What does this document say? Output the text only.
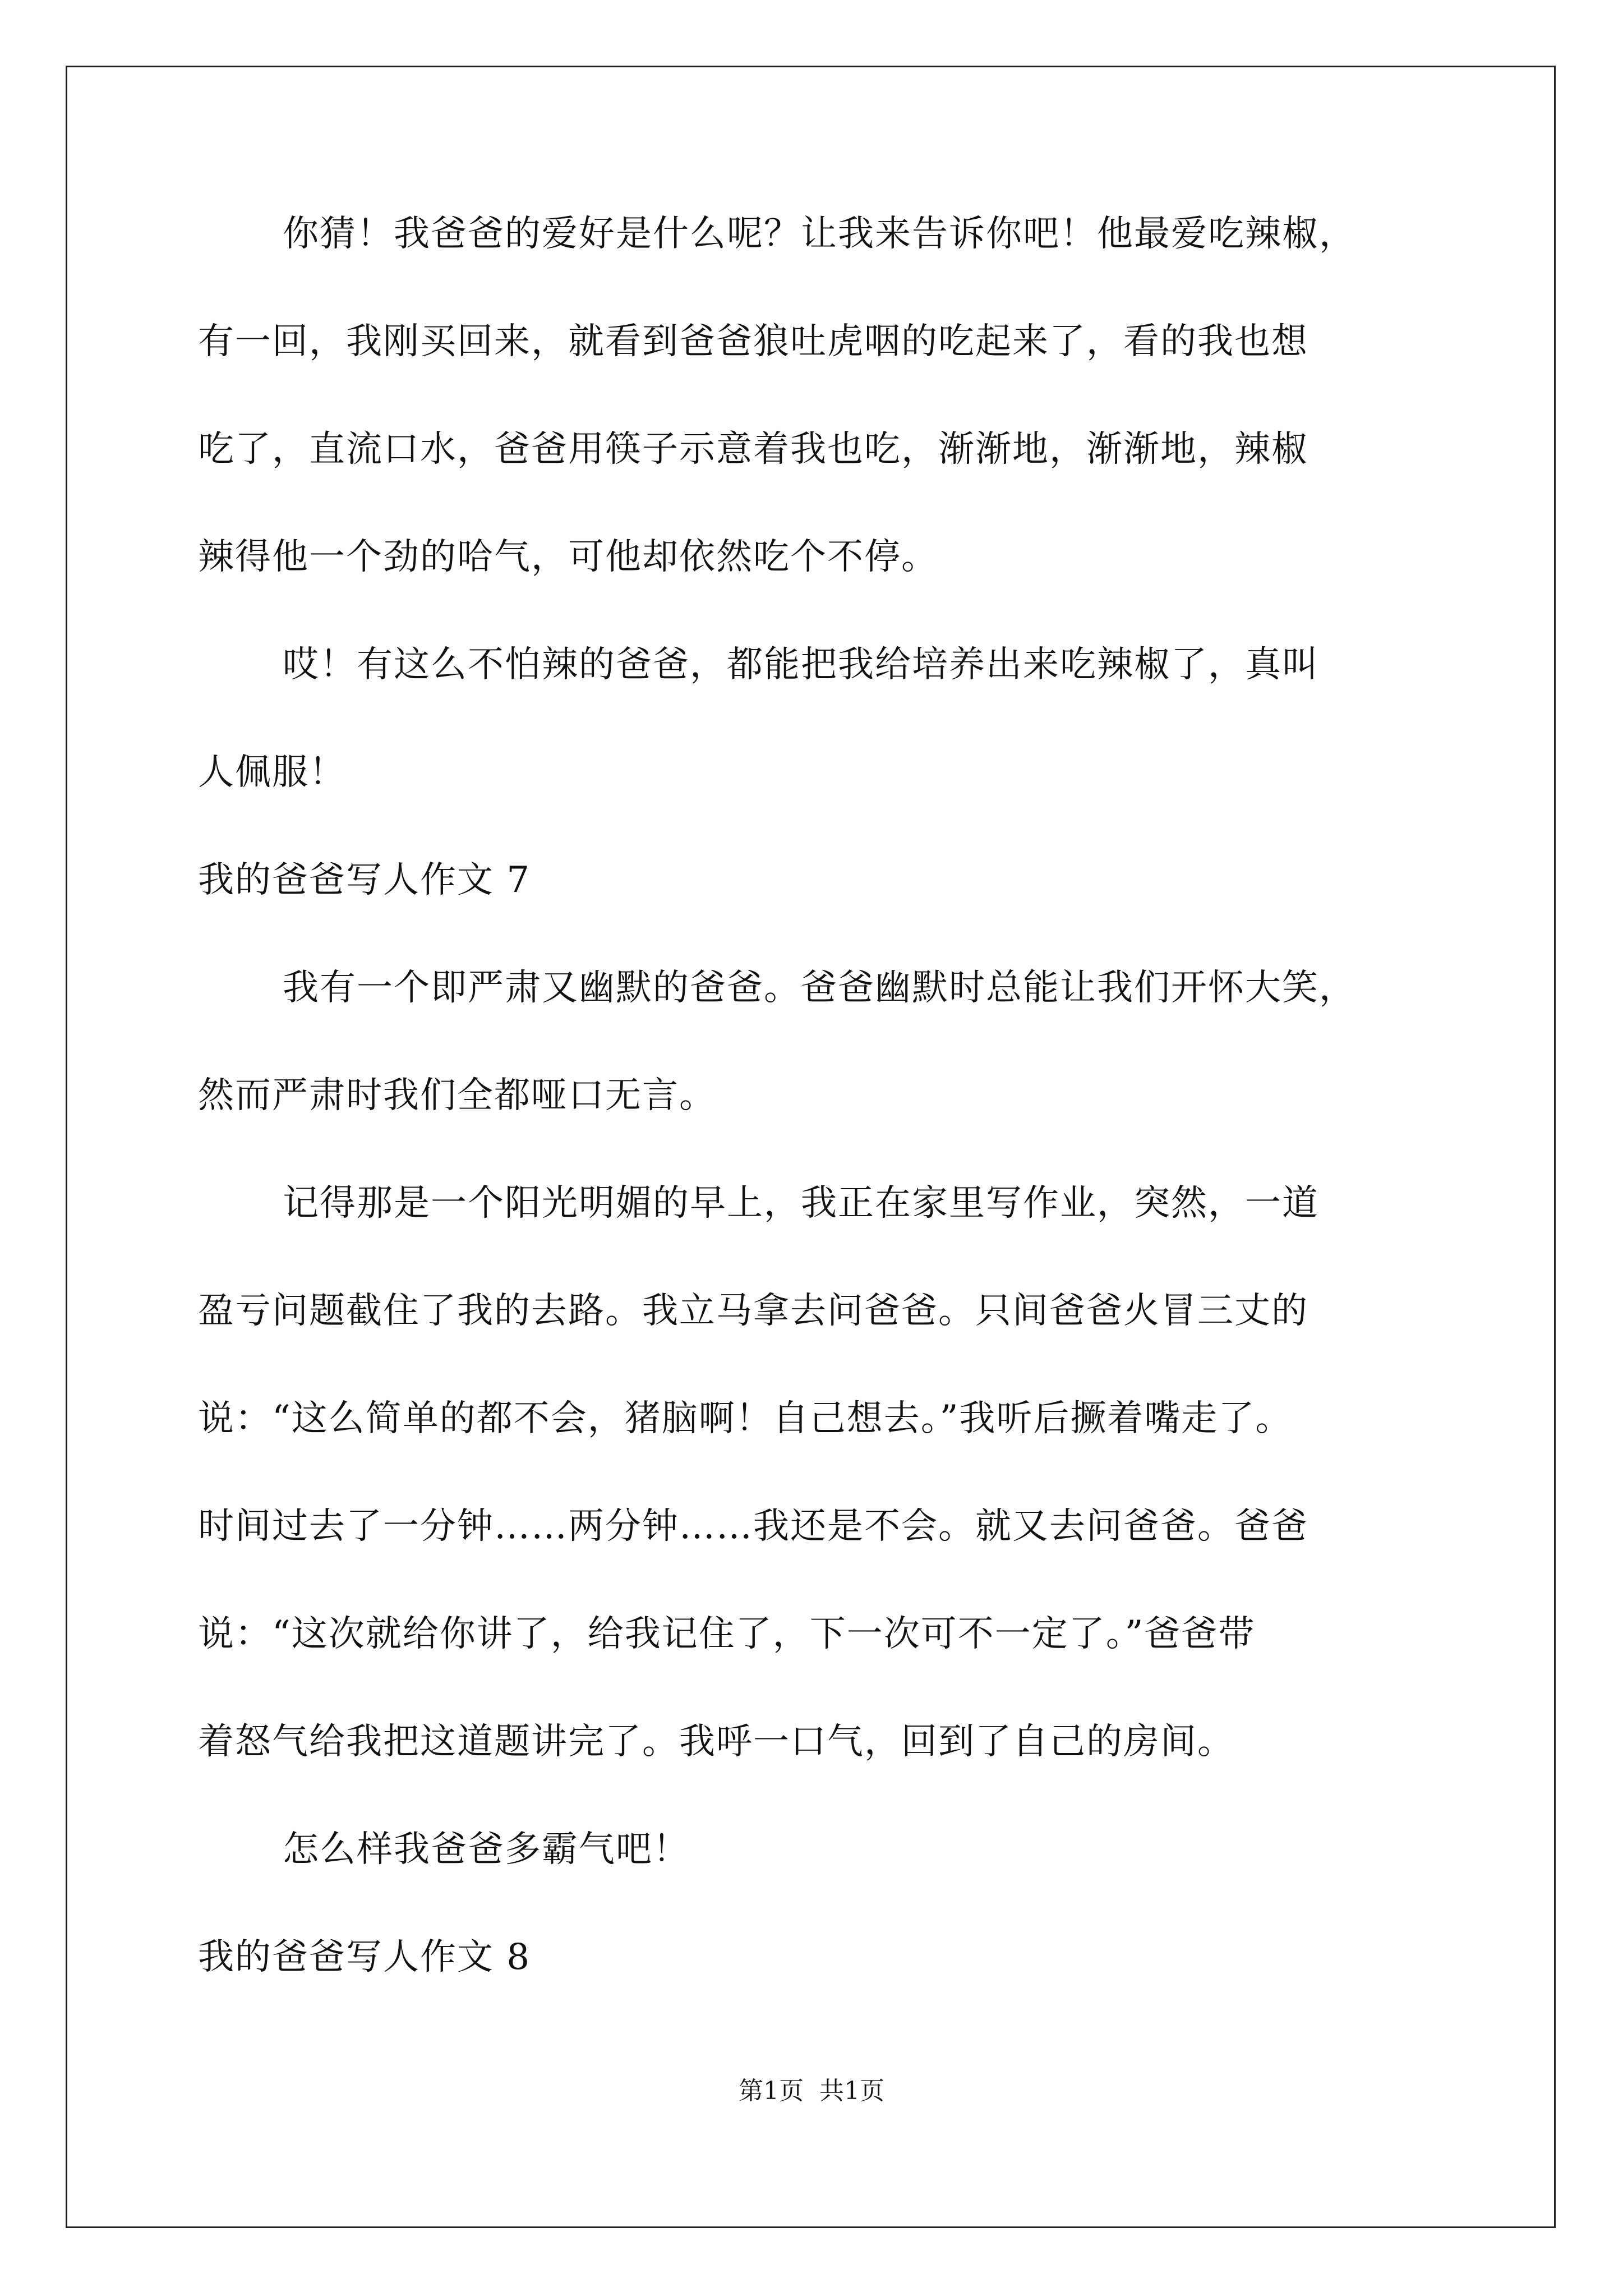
你猜！我爸爸的爱好是什么呢？让我来告诉你吧！他最爱吃辣椒，

有一回，我刚买回来，就看到爸爸狼吐虎咽的吃起来了，看的我也想

吃了，直流口水，爸爸用筷子示意着我也吃，渐渐地，渐渐地，辣椒

辣得他一个劲的哈气，可他却依然吃个不停。

哎！有这么不怕辣的爸爸，都能把我给培养出来吃辣椒了，真叫

人佩服！

我的爸爸写人作文 7

我有一个即严肃又幽默的爸爸。爸爸幽默时总能让我们开怀大笑，

然而严肃时我们全都哑口无言。

记得那是一个阳光明媚的早上，我正在家里写作业，突然，一道

盈亏问题截住了我的去路。我立马拿去问爸爸。只间爸爸火冒三丈的

说：“这么简单的都不会，猪脑啊！自己想去。”我听后撅着嘴走了。

时间过去了一分钟……两分钟……我还是不会。就又去问爸爸。爸爸

说：“这次就给你讲了，给我记住了，下一次可不一定了。”爸爸带

着怒气给我把这道题讲完了。我呼一口气，回到了自己的房间。

怎么样我爸爸多霸气吧！

我的爸爸写人作文 8

第1页 共1页
